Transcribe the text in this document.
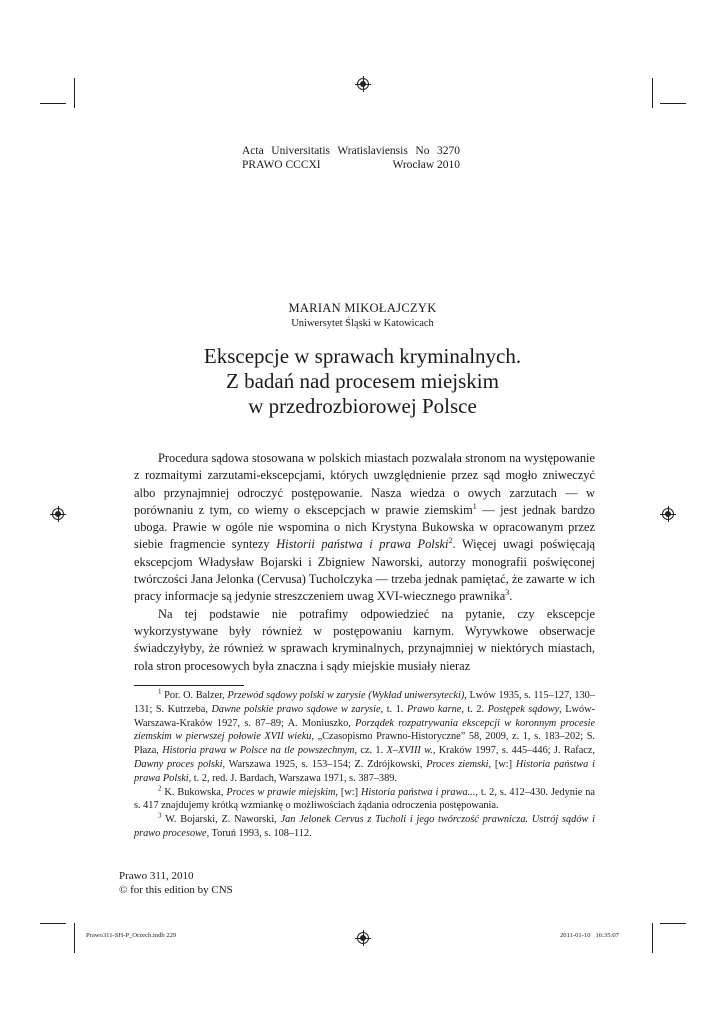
Acta Universitatis Wratislaviensis No 3270
PRAWO CCCXI	Wrocław 2010
MARIAN MIKOŁAJCZYK
Uniwersytet Śląski w Katowicach
Ekscepcje w sprawach kryminalnych.
Z badań nad procesem miejskim
w przedrozbiorowej Polsce

Procedura sądowa stosowana w polskich miastach pozwalała stronom na występowanie z rozmaitymi zarzutami-ekscepcjami, których uwzględnienie przez sąd mogło zniweczyć albo przynajmniej odroczyć postępowanie. Nasza wiedza o owych zarzutach — w porównaniu z tym, co wiemy o ekscepcjach w prawie ziemskim$^1$ — jest jednak bardzo uboga. Prawie w ogóle nie wspomina o nich Krystyna Bukowska w opracowanym przez siebie fragmencie syntezy Historii państwa i prawa Polski$^2$. Więcej uwagi poświęcają ekscepcjom Władysław Bojarski i Zbigniew Naworski, autorzy monografii poświęconej twórczości Jana Jelonka (Cervusa) Tucholczyka — trzeba jednak pamiętać, że zawarte w ich pracy informacje są jedynie streszczeniem uwag XVI-wiecznego prawnika$^3$.

Na tej podstawie nie potrafimy odpowiedzieć na pytanie, czy ekscepcje wykorzystywane były również w postępowaniu karnym. Wyrywkowe obserwacje świadczyłyby, że również w sprawach kryminalnych, przynajmniej w niektórych miastach, rola stron procesowych była znaczna i sądy miejskie musiały nieraz

$^1$ Por. O. Balzer, Przewód sądowy polski w zarysie (Wykład uniwersytecki), Lwów 1935, s. 115–127, 130–131; S. Kutrzeba, Dawne polskie prawo sądowe w zarysie, t. 1. Prawo karne, t. 2. Postępek sądowy, Lwów-Warszawa-Kraków 1927, s. 87–89; A. Moniuszko, Porządek rozpatrywania ekscepcji w koronnym procesie ziemskim w pierwszej połowie XVII wieku, „Czasopismo Prawno-Historyczne” 58, 2009, z. 1, s. 183–202; S. Płaza, Historia prawa w Polsce na tle powszechnym, cz. 1. X–XVIII w., Kraków 1997, s. 445–446; J. Rafacz, Dawny proces polski, Warszawa 1925, s. 153–154; Z. Zdrójkowski, Proces ziemski, [w:] Historia państwa i prawa Polski, t. 2, red. J. Bardach, Warszawa 1971, s. 387–389.

$^2$ K. Bukowska, Proces w prawie miejskim, [w:] Historia państwa i prawa..., t. 2, s. 412–430. Jedynie na s. 417 znajdujemy krótką wzmiankę o możliwościach żądania odroczenia postępowania.

$^3$ W. Bojarski, Z. Naworski, Jan Jelonek Cervus z Tucholi i jego twórczość prawnicza. Ustrój sądów i prawo procesowe, Toruń 1993, s. 108–112.

Prawo 311, 2010
© for this edition by CNS
Prawo311-SH-P_Orzech.indb 229	2011-01-10   16:35:07
